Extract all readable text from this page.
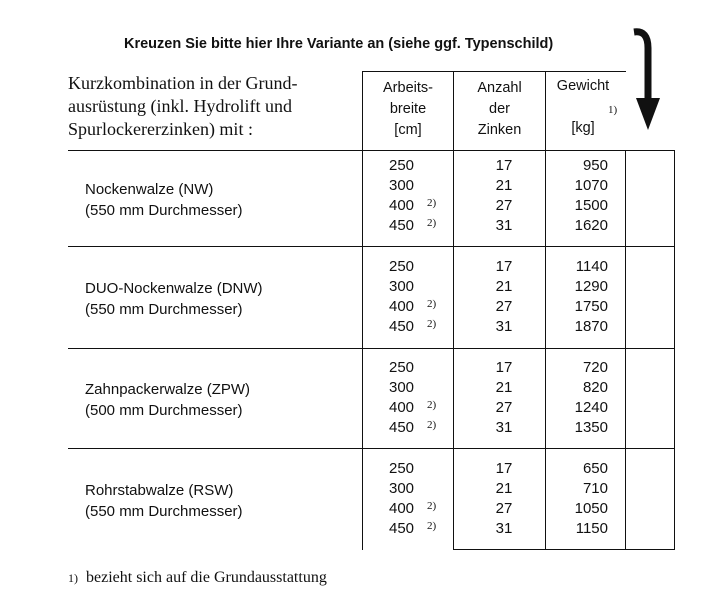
Kreuzen Sie bitte hier Ihre Variante an (siehe ggf. Typenschild)
Kurzkombination in der Grund-
ausrüstung (inkl. Hydrolift und
Spurlockererzinken) mit :
Arbeits-
breite
[cm]
Anzahl
der
Zinken
Gewicht
[kg]
1)
Nockenwalze (NW)
(550 mm Durchmesser)
250	17	950
300	21	1070
400 2)	27	1500
450 2)	31	1620
DUO-Nockenwalze (DNW)
(550 mm Durchmesser)
250	17	1140
300	21	1290
400 2)	27	1750
450 2)	31	1870
Zahnpackerwalze (ZPW)
(500 mm Durchmesser)
250	17	720
300	21	820
400 2)	27	1240
450 2)	31	1350
Rohrstabwalze (RSW)
(550 mm Durchmesser)
250	17	650
300	21	710
400 2)	27	1050
450 2)	31	1150
1) bezieht sich auf die Grundausstattung
